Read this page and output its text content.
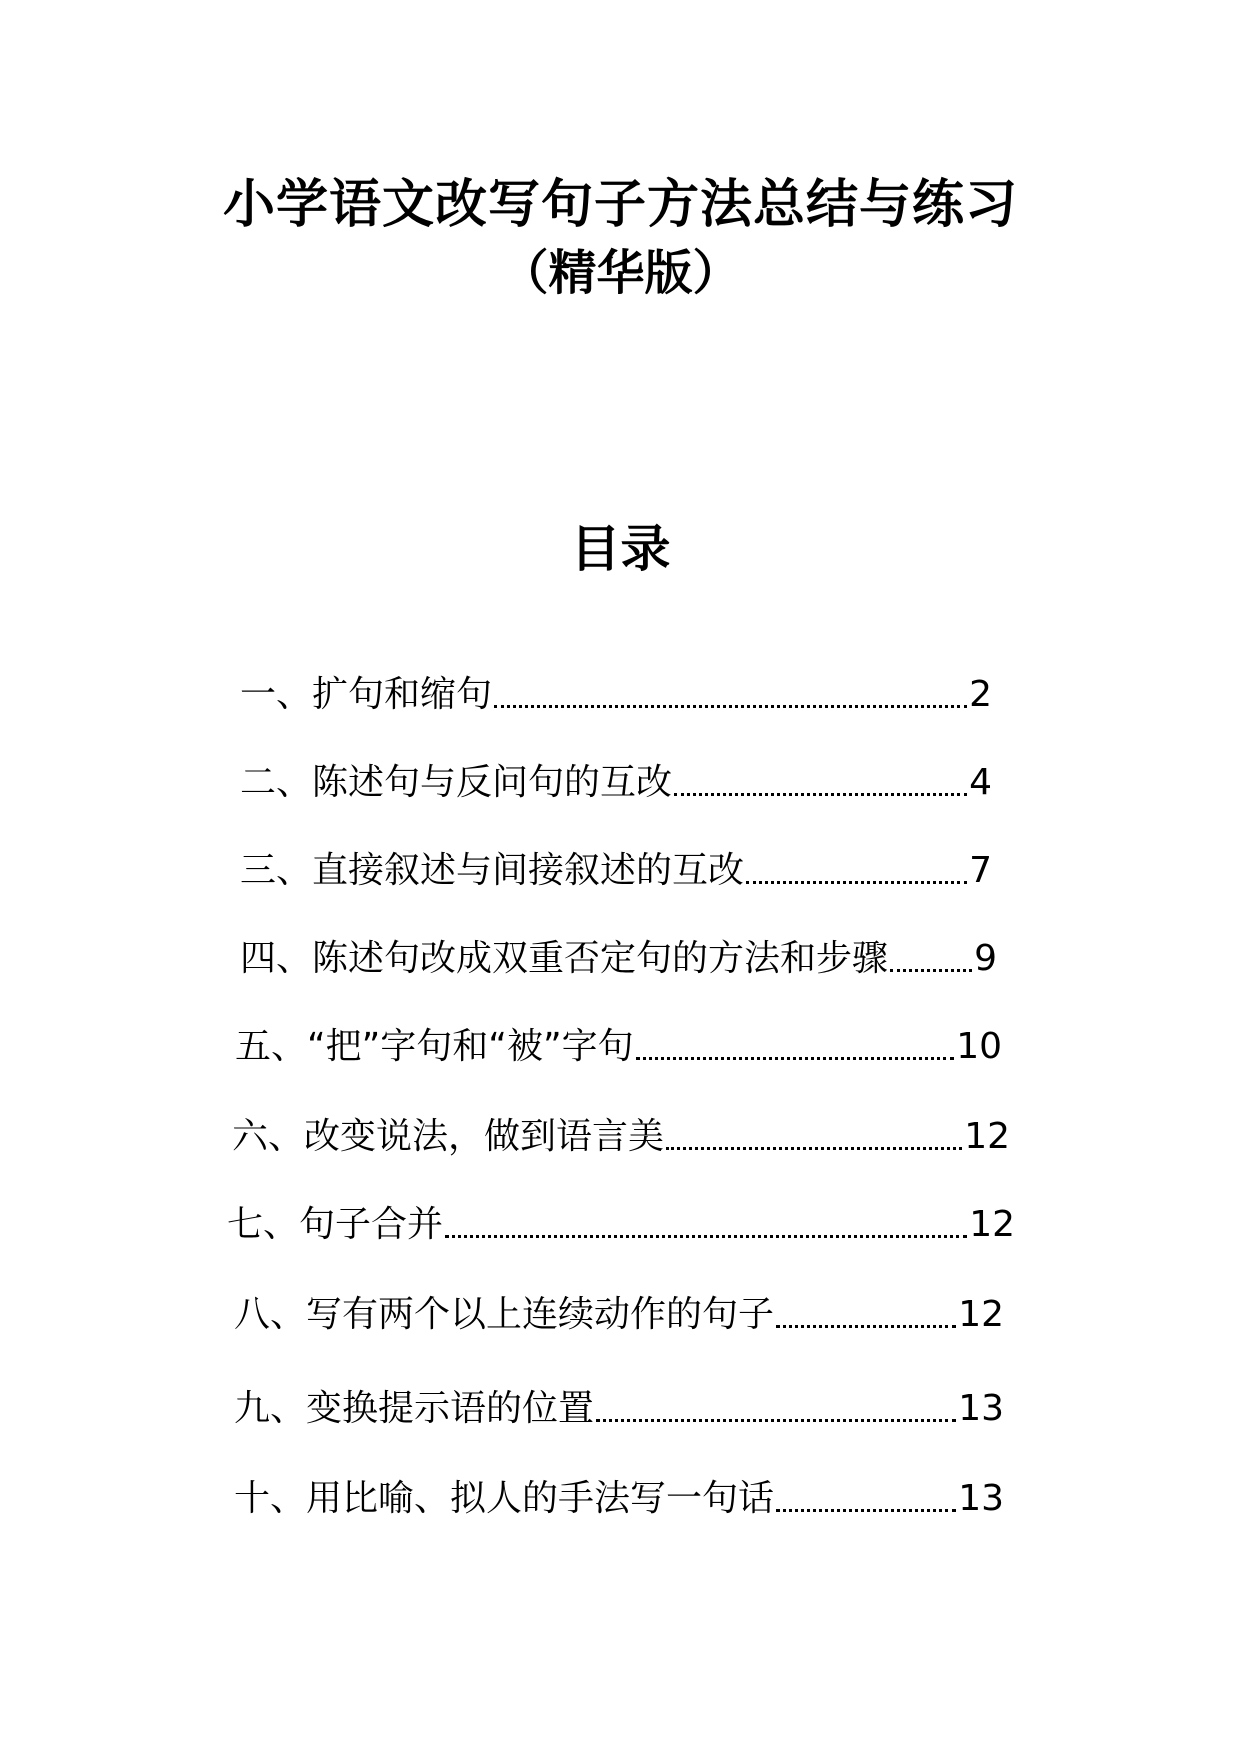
小学语文改写句子方法总结与练习
（精华版）
目录
一、扩句和缩句	2
二、陈述句与反问句的互改	4
三、直接叙述与间接叙述的互改	7
四、陈述句改成双重否定句的方法和步骤 9
五、“把”字句和“被”字句	10
六、改变说法，做到语言美	12
七、句子合并	12
八、写有两个以上连续动作的句子	12
九、变换提示语的位置	13
十、用比喻、拟人的手法写一句话	13
